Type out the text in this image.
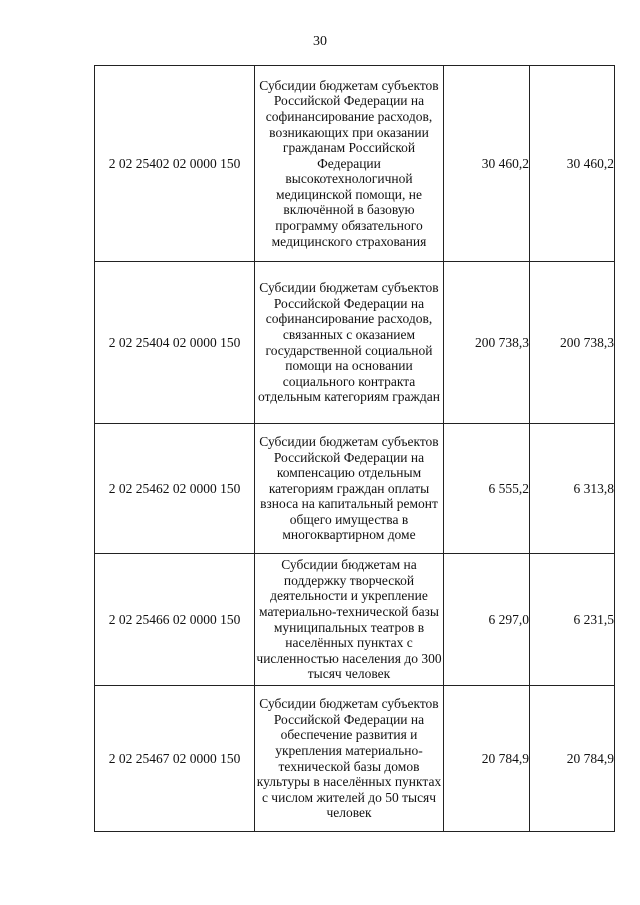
30
2 02 25402 02 0000 150	Субсидии бюджетам субъектов Российской Федерации на софинансирование расходов, возникающих при оказании гражданам Российской Федерации высокотехнологичной медицинской помощи, не включённой в базовую программу обязательного медицинского страхования	30 460,2	30 460,2
2 02 25404 02 0000 150	Субсидии бюджетам субъектов Российской Федерации на софинансирование расходов, связанных с оказанием государственной социальной помощи на основании социального контракта отдельным категориям граждан	200 738,3	200 738,3
2 02 25462 02 0000 150	Субсидии бюджетам субъектов Российской Федерации на компенсацию отдельным категориям граждан оплаты взноса на капитальный ремонт общего имущества в многоквартирном доме	6 555,2	6 313,8
2 02 25466 02 0000 150	Субсидии бюджетам на поддержку творческой деятельности и укрепление материально-технической базы муниципальных театров в населённых пунктах с численностью населения до 300 тысяч человек	6 297,0	6 231,5
2 02 25467 02 0000 150	Субсидии бюджетам субъектов Российской Федерации на обеспечение развития и укрепления материально-технической базы домов культуры в населённых пунктах с числом жителей до 50 тысяч человек	20 784,9	20 784,9
